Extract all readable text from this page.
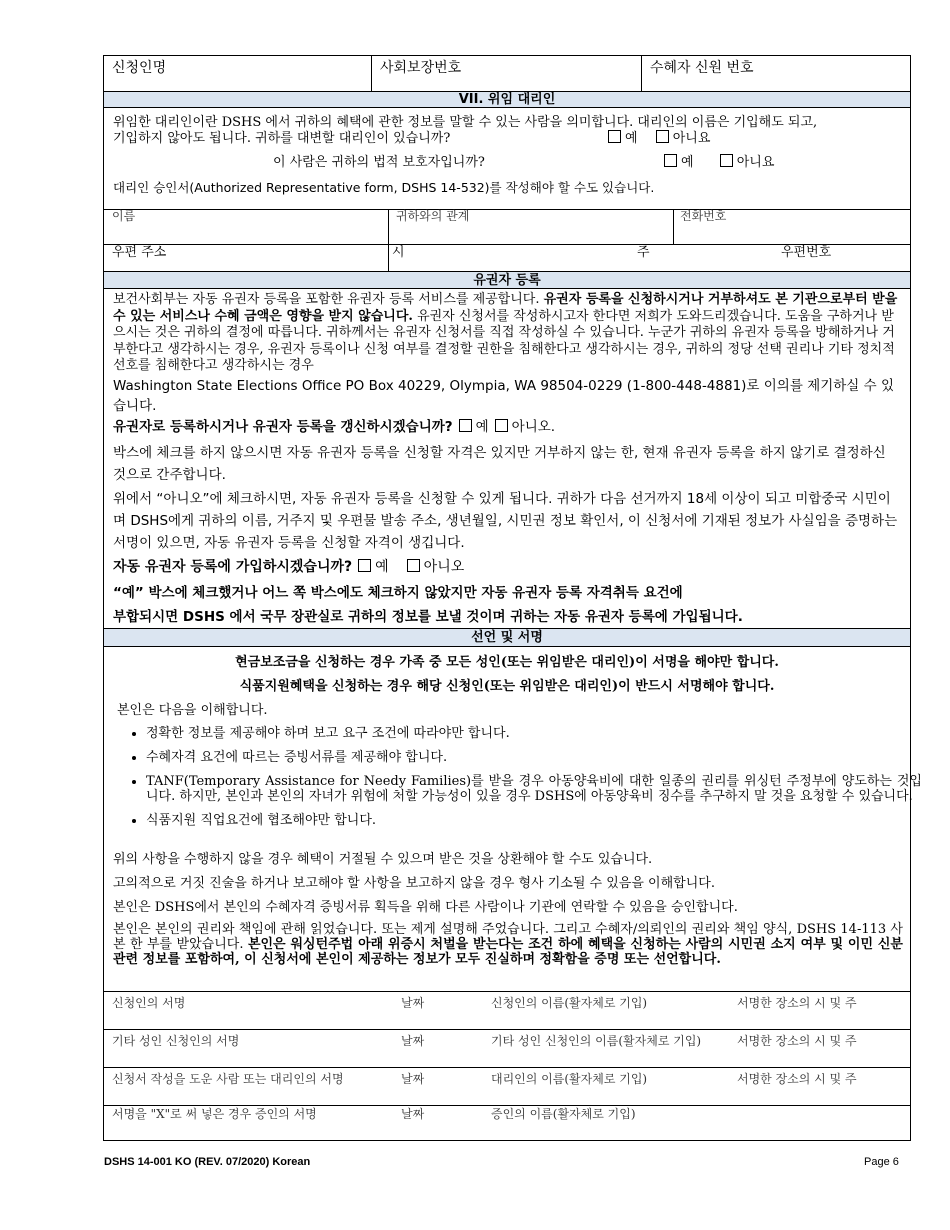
신청인명	사회보장번호	수혜자 신원 번호
VII. 위임 대리인
위임한 대리인이란 DSHS 에서 귀하의 혜택에 관한 정보를 말할 수 있는 사람을 의미합니다. 대리인의 이름은 기입해도 되고,
기입하지 않아도 됩니다. 귀하를 대변할 대리인이 있습니까?	예	아니요
이 사람은 귀하의 법적 보호자입니까?	예	아니요
대리인 승인서(Authorized Representative form, DSHS 14-532)를 작성해야 할 수도 있습니다.
이름	귀하와의 관계	전화번호
우편 주소	시	주	우편번호
유권자 등록
보건사회부는 자동 유권자 등록을 포함한 유권자 등록 서비스를 제공합니다. 유권자 등록을 신청하시거나 거부하셔도 본 기관으로부터 받을 수 있는 서비스나 수혜 금액은 영향을 받지 않습니다. 유권자 신청서를 작성하시고자 한다면 저희가 도와드리겠습니다. 도움을 구하거나 받으시는 것은 귀하의 결정에 따릅니다. 귀하께서는 유권자 신청서를 직접 작성하실 수 있습니다. 누군가 귀하의 유권자 등록을 방해하거나 거부한다고 생각하시는 경우, 유권자 등록이나 신청 여부를 결정할 권한을 침해한다고 생각하시는 경우, 귀하의 정당 선택 권리나 기타 정치적 선호를 침해한다고 생각하시는 경우
Washington State Elections Office PO Box 40229, Olympia, WA 98504-0229 (1-800-448-4881)로 이의를 제기하실 수 있습니다.
유권자로 등록하시거나 유권자 등록을 갱신하시겠습니까? 예 아니오.
박스에 체크를 하지 않으시면 자동 유권자 등록을 신청할 자격은 있지만 거부하지 않는 한, 현재 유권자 등록을 하지 않기로 결정하신 것으로 간주합니다.
위에서 “아니오”에 체크하시면, 자동 유권자 등록을 신청할 수 있게 됩니다. 귀하가 다음 선거까지 18세 이상이 되고 미합중국 시민이며 DSHS에게 귀하의 이름, 거주지 및 우편물 발송 주소, 생년월일, 시민권 정보 확인서, 이 신청서에 기재된 정보가 사실임을 증명하는 서명이 있으면, 자동 유권자 등록을 신청할 자격이 생깁니다.
자동 유권자 등록에 가입하시겠습니까? 예	아니오
“예” 박스에 체크했거나 어느 쪽 박스에도 체크하지 않았지만 자동 유권자 등록 자격취득 요건에
부합되시면 DSHS 에서 국무 장관실로 귀하의 정보를 보낼 것이며 귀하는 자동 유권자 등록에 가입됩니다.
선언 및 서명
현금보조금을 신청하는 경우 가족 중 모든 성인(또는 위임받은 대리인)이 서명을 해야만 합니다.
식품지원혜택을 신청하는 경우 해당 신청인(또는 위임받은 대리인)이 반드시 서명해야 합니다.
본인은 다음을 이해합니다.
• 정확한 정보를 제공해야 하며 보고 요구 조건에 따라야만 합니다.
• 수혜자격 요건에 따르는 증빙서류를 제공해야 합니다.
• TANF(Temporary Assistance for Needy Families)를 받을 경우 아동양육비에 대한 일종의 권리를 위싱턴 주정부에 양도하는 것입니다. 하지만, 본인과 본인의 자녀가 위험에 처할 가능성이 있을 경우 DSHS에 아동양육비 징수를 추구하지 말 것을 요청할 수 있습니다.
• 식품지원 직업요건에 협조해야만 합니다.
위의 사항을 수행하지 않을 경우 혜택이 거절될 수 있으며 받은 것을 상환해야 할 수도 있습니다.
고의적으로 거짓 진술을 하거나 보고해야 할 사항을 보고하지 않을 경우 형사 기소될 수 있음을 이해합니다.
본인은 DSHS에서 본인의 수혜자격 증빙서류 획득을 위해 다른 사람이나 기관에 연락할 수 있음을 승인합니다.
본인은 본인의 권리와 책임에 관해 읽었습니다. 또는 제게 설명해 주었습니다. 그리고 수혜자/의뢰인의 권리와 책임 양식, DSHS 14-113 사본 한 부를 받았습니다. 본인은 워싱턴주법 아래 위증시 처벌을 받는다는 조건 하에 혜택을 신청하는 사람의 시민권 소지 여부 및 이민 신분 관련 정보를 포함하여, 이 신청서에 본인이 제공하는 정보가 모두 진실하며 정확함을 증명 또는 선언합니다.
신청인의 서명	날짜	신청인의 이름(활자체로 기입)	서명한 장소의 시 및 주
기타 성인 신청인의 서명	날짜	기타 성인 신청인의 이름(활자체로 기입)	서명한 장소의 시 및 주
신청서 작성을 도운 사람 또는 대리인의 서명	날짜	대리인의 이름(활자체로 기입)	서명한 장소의 시 및 주
서명을 "X"로 써 넣은 경우 증인의 서명	날짜	증인의 이름(활자체로 기입)
DSHS 14-001 KO (REV. 07/2020) Korean	Page 6
